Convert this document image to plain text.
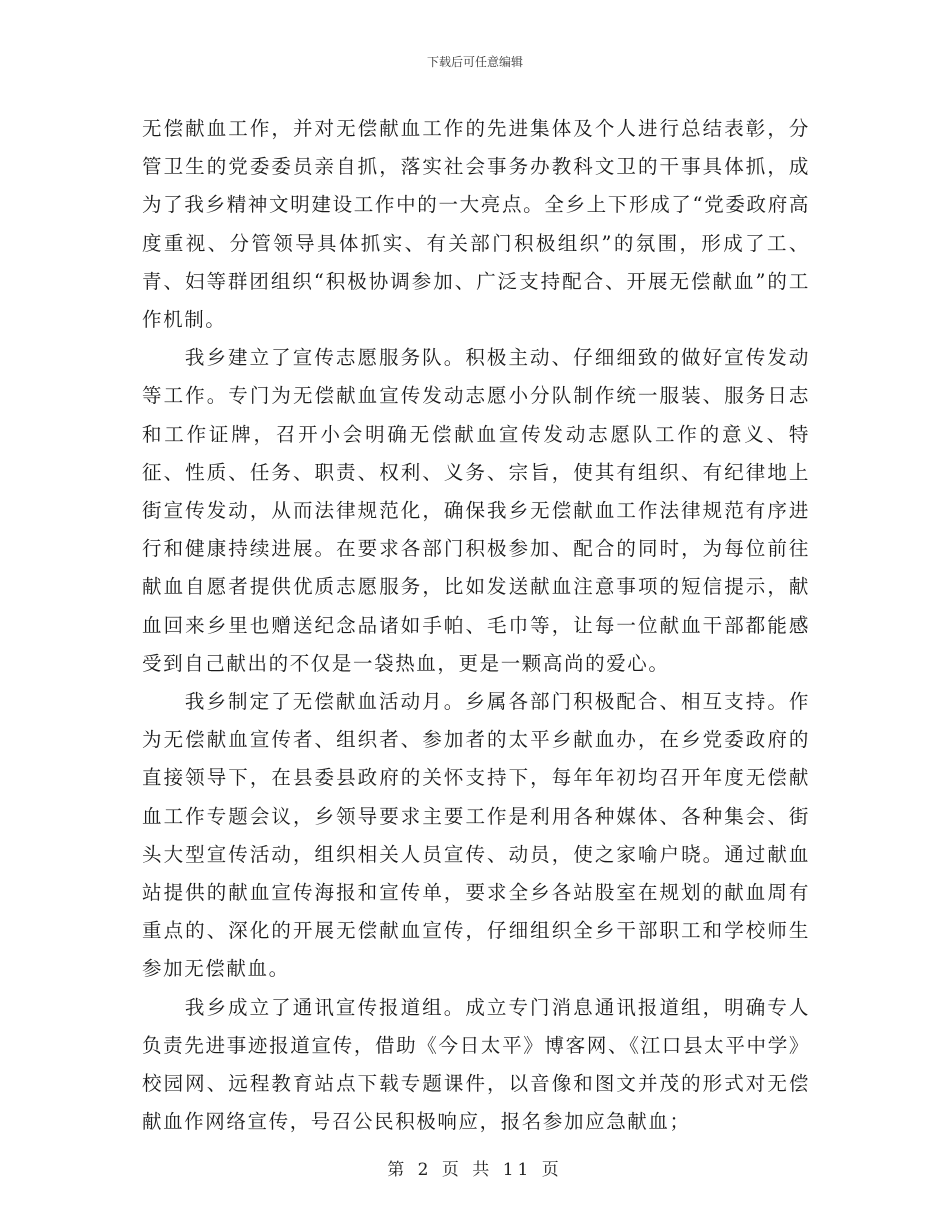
下载后可任意编辑

无偿献血工作，并对无偿献血工作的先进集体及个人进行总结表彰，分管卫生的党委委员亲自抓，落实社会事务办教科文卫的干事具体抓，成为了我乡精神文明建设工作中的一大亮点。全乡上下形成了“党委政府高度重视、分管领导具体抓实、有关部门积极组织”的氛围，形成了工、青、妇等群团组织“积极协调参加、广泛支持配合、开展无偿献血”的工作机制。

我乡建立了宣传志愿服务队。积极主动、仔细细致的做好宣传发动等工作。专门为无偿献血宣传发动志愿小分队制作统一服装、服务日志和工作证牌，召开小会明确无偿献血宣传发动志愿队工作的意义、特征、性质、任务、职责、权利、义务、宗旨，使其有组织、有纪律地上街宣传发动，从而法律规范化，确保我乡无偿献血工作法律规范有序进行和健康持续进展。在要求各部门积极参加、配合的同时，为每位前往献血自愿者提供优质志愿服务，比如发送献血注意事项的短信提示，献血回来乡里也赠送纪念品诸如手帕、毛巾等，让每一位献血干部都能感受到自己献出的不仅是一袋热血，更是一颗高尚的爱心。

我乡制定了无偿献血活动月。乡属各部门积极配合、相互支持。作为无偿献血宣传者、组织者、参加者的太平乡献血办，在乡党委政府的直接领导下，在县委县政府的关怀支持下，每年年初均召开年度无偿献血工作专题会议，乡领导要求主要工作是利用各种媒体、各种集会、街头大型宣传活动，组织相关人员宣传、动员，使之家喻户晓。通过献血站提供的献血宣传海报和宣传单，要求全乡各站股室在规划的献血周有重点的、深化的开展无偿献血宣传，仔细组织全乡干部职工和学校师生参加无偿献血。

我乡成立了通讯宣传报道组。成立专门消息通讯报道组，明确专人负责先进事迹报道宣传，借助《今日太平》博客网、《江口县太平中学》校园网、远程教育站点下载专题课件，以音像和图文并茂的形式对无偿献血作网络宣传，号召公民积极响应，报名参加应急献血；

第 2 页 共 11 页
